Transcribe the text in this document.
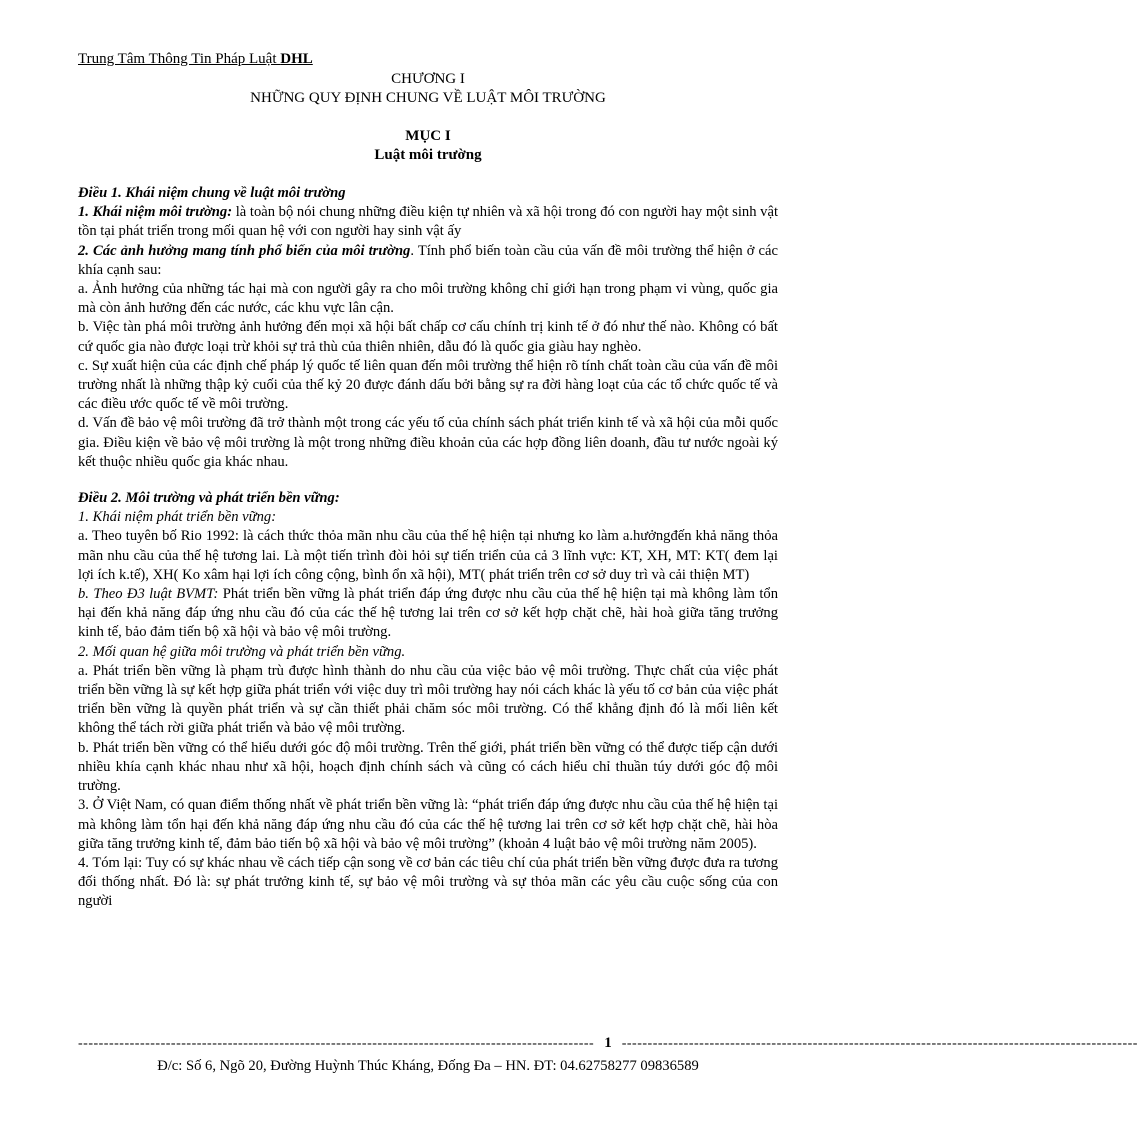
Trung Tâm Thông Tin Pháp Luật DHL

CHƯƠNG I

NHỮNG QUY ĐỊNH CHUNG VỀ LUẬT MÔI TRƯỜNG

MỤC I

Luật môi trường

Điều 1. Khái niệm chung về luật môi trường

1. Khái niệm môi trường: là toàn bộ nói chung những điều kiện tự nhiên và xã hội trong đó con người hay một sinh vật tồn tại phát triển trong mối quan hệ với con người hay sinh vật ấy

2. Các ảnh hưởng mang tính phổ biến của môi trường. Tính phổ biến toàn cầu của vấn đề môi trường thể hiện ở các khía cạnh sau:

a. Ảnh hưởng của những tác hại mà con người gây ra cho môi trường không chỉ giới hạn trong phạm vi vùng, quốc gia mà còn ảnh hưởng đến các nước, các khu vực lân cận.

b. Việc tàn phá môi trường ảnh hưởng đến mọi xã hội bất chấp cơ cấu chính trị kinh tế ở đó như thế nào. Không có bất cứ quốc gia nào được loại trừ khỏi sự trả thù của thiên nhiên, dẫu đó là quốc gia giàu hay nghèo.

c. Sự xuất hiện của các định chế pháp lý quốc tế liên quan đến môi trường thể hiện rõ tính chất toàn cầu của vấn đề môi trường nhất là những thập kỷ cuối của thế kỷ 20 được đánh dấu bởi bằng sự ra đời hàng loạt của các tổ chức quốc tế và các điều ước quốc tế về môi trường.

d. Vấn đề bảo vệ môi trường đã trở thành một trong các yếu tố của chính sách phát triển kinh tế và xã hội của mỗi quốc gia. Điều kiện về bảo vệ môi trường là một trong những điều khoản của các hợp đồng liên doanh, đầu tư nước ngoài ký kết thuộc nhiều quốc gia khác nhau.

Điều 2. Môi trường và phát triển bền vững:

1. Khái niệm phát triển bền vững:

a. Theo tuyên bố Rio 1992: là cách thức thỏa mãn nhu cầu của thế hệ hiện tại nhưng ko làm a.hưởngđến khả năng thỏa mãn nhu cầu của thế hệ tương lai. Là một tiến trình đòi hỏi sự tiến triển của cả 3 lĩnh vực: KT, XH, MT: KT( đem lại lợi ích k.tế), XH( Ko xâm hại lợi ích công cộng, bình ổn xã hội), MT( phát triển trên cơ sở duy trì và cải thiện MT)

b. Theo Đ3 luật BVMT: Phát triển bền vững là phát triển đáp ứng được nhu cầu của thế hệ hiện tại mà không làm tổn hại đến khả năng đáp ứng nhu cầu đó của các thế hệ tương lai trên cơ sở kết hợp chặt chẽ, hài hoà giữa tăng trưởng kinh tế, bảo đảm tiến bộ xã hội và bảo vệ môi trường.

2. Mối quan hệ giữa môi trường và phát triển bền vững.

a. Phát triển bền vững là phạm trù được hình thành do nhu cầu của việc bảo vệ môi trường. Thực chất của việc phát triển bền vững là sự kết hợp giữa phát triển với việc duy trì môi trường hay nói cách khác là yếu tố cơ bản của việc phát triển bền vững là quyền phát triển và sự cần thiết phải chăm sóc môi trường. Có thể khẳng định đó là mối liên kết không thể tách rời giữa phát triển và bảo vệ môi trường.

b. Phát triển bền vững có thể hiểu dưới góc độ môi trường. Trên thế giới, phát triển bền vững có thể được tiếp cận dưới nhiều khía cạnh khác nhau như xã hội, hoạch định chính sách và cũng có cách hiểu chỉ thuần túy dưới góc độ môi trường.

3. Ở Việt Nam, có quan điểm thống nhất về phát triển bền vững là: “phát triển đáp ứng được nhu cầu của thế hệ hiện tại mà không làm tổn hại đến khả năng đáp ứng nhu cầu đó của các thế hệ tương lai trên cơ sở kết hợp chặt chẽ, hài hòa giữa tăng trưởng kinh tế, đảm bảo tiến bộ xã hội và bảo vệ môi trường” (khoản 4 luật bảo vệ môi trường năm 2005).

4. Tóm lại: Tuy có sự khác nhau về cách tiếp cận song về cơ bản các tiêu chí của phát triển bền vững được đưa ra tương đối thống nhất. Đó là: sự phát trưởng kinh tế, sự bảo vệ môi trường và sự thỏa mãn các yêu cầu cuộc sống của con người

---------------------------------------------------------------------------------------------------- 1 ----------------------------------------------------------------------------------------------------
Đ/c: Số 6, Ngõ 20, Đường Huỳnh Thúc Kháng, Đống Đa – HN. ĐT: 04.62758277 09836589
